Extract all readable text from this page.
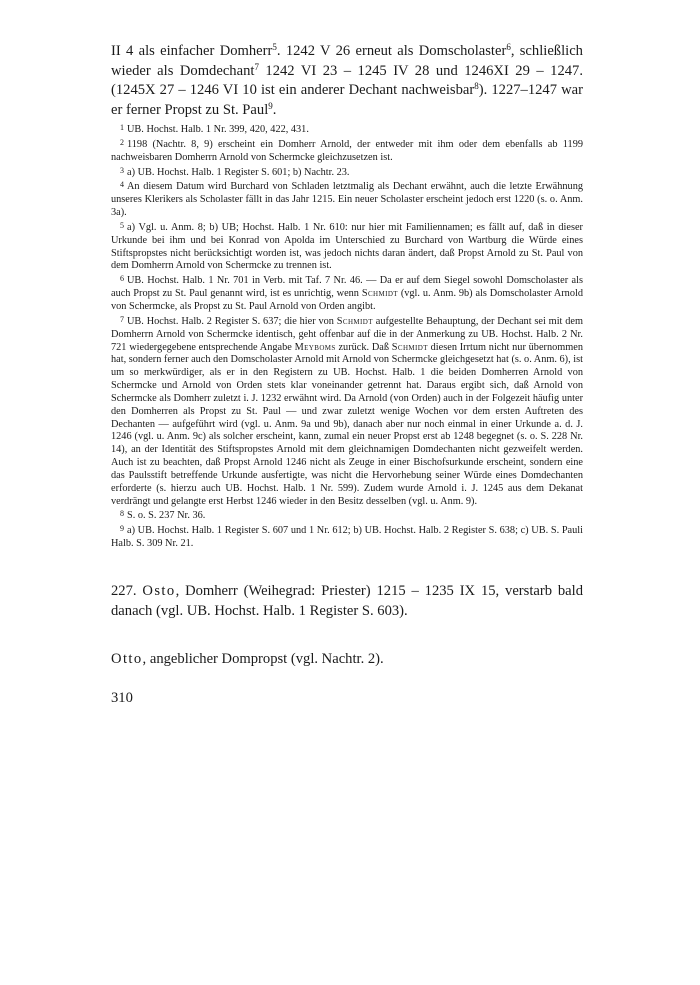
II 4 als einfacher Domherr$^5$. 1242 V 26 erneut als Domscholaster$^6$, schließlich wieder als Domdechant$^7$ 1242 VI 23 – 1245 IV 28 und 1246XI 29 – 1247. (1245X 27 – 1246 VI 10 ist ein anderer Dechant nachweisbar$^8$). 1227–1247 war er ferner Propst zu St. Paul$^9$.

1 UB. Hochst. Halb. 1 Nr. 399, 420, 422, 431.

2 1198 (Nachtr. 8, 9) erscheint ein Domherr Arnold, der entweder mit ihm oder dem ebenfalls ab 1199 nachweisbaren Domherrn Arnold von Schermcke gleichzusetzen ist.

3 a) UB. Hochst. Halb. 1 Register S. 601; b) Nachtr. 23.

4 An diesem Datum wird Burchard von Schladen letztmalig als Dechant erwähnt, auch die letzte Erwähnung unseres Klerikers als Scholaster fällt in das Jahr 1215. Ein neuer Scholaster erscheint jedoch erst 1220 (s. o. Anm. 3a).

5 a) Vgl. u. Anm. 8; b) UB; Hochst. Halb. 1 Nr. 610: nur hier mit Familiennamen; es fällt auf, daß in dieser Urkunde bei ihm und bei Konrad von Apolda im Unterschied zu Burchard von Wartburg die Würde eines Stiftspropstes nicht berücksichtigt worden ist, was jedoch nichts daran ändert, daß Propst Arnold zu St. Paul von dem Domherrn Arnold von Schermcke zu trennen ist.

6 UB. Hochst. Halb. 1 Nr. 701 in Verb. mit Taf. 7 Nr. 46. — Da er auf dem Siegel sowohl Domscholaster als auch Propst zu St. Paul genannt wird, ist es unrichtig, wenn Schmidt (vgl. u. Anm. 9b) als Domscholaster Arnold von Schermcke, als Propst zu St. Paul Arnold von Orden angibt.

7 UB. Hochst. Halb. 2 Register S. 637; die hier von Schmidt aufgestellte Behauptung, der Dechant sei mit dem Domherrn Arnold von Schermcke identisch, geht offenbar auf die in der Anmerkung zu UB. Hochst. Halb. 2 Nr. 721 wiedergegebene entsprechende Angabe Meyboms zurück. Daß Schmidt diesen Irrtum nicht nur übernommen hat, sondern ferner auch den Domscholaster Arnold mit Arnold von Schermcke gleichgesetzt hat (s. o. Anm. 6), ist um so merkwürdiger, als er in den Registern zu UB. Hochst. Halb. 1 die beiden Domherren Arnold von Schermcke und Arnold von Orden stets klar voneinander getrennt hat. Daraus ergibt sich, daß Arnold von Schermcke als Domherr zuletzt i. J. 1232 erwähnt wird. Da Arnold (von Orden) auch in der Folgezeit häufig unter den Domherren als Propst zu St. Paul — und zwar zuletzt wenige Wochen vor dem ersten Auftreten des Dechanten — aufgeführt wird (vgl. u. Anm. 9a und 9b), danach aber nur noch einmal in einer Urkunde a. d. J. 1246 (vgl. u. Anm. 9c) als solcher erscheint, kann, zumal ein neuer Propst erst ab 1248 begegnet (s. o. S. 228 Nr. 14), an der Identität des Stiftspropstes Arnold mit dem gleichnamigen Domdechanten nicht gezweifelt werden. Auch ist zu beachten, daß Propst Arnold 1246 nicht als Zeuge in einer Bischofsurkunde erscheint, sondern eine das Paulsstift betreffende Urkunde ausfertigte, was nicht die Hervorhebung seiner Würde eines Domdechanten erforderte (s. hierzu auch UB. Hochst. Halb. 1 Nr. 599). Zudem wurde Arnold i. J. 1245 aus dem Dekanat verdrängt und gelangte erst Herbst 1246 wieder in den Besitz desselben (vgl. u. Anm. 9).

8 S. o. S. 237 Nr. 36.

9 a) UB. Hochst. Halb. 1 Register S. 607 und 1 Nr. 612; b) UB. Hochst. Halb. 2 Register S. 638; c) UB. S. Pauli Halb. S. 309 Nr. 21.

227. Osto, Domherr (Weihegrad: Priester) 1215 – 1235 IX 15, verstarb bald danach (vgl. UB. Hochst. Halb. 1 Register S. 603).

Otto, angeblicher Dompropst (vgl. Nachtr. 2).

310
